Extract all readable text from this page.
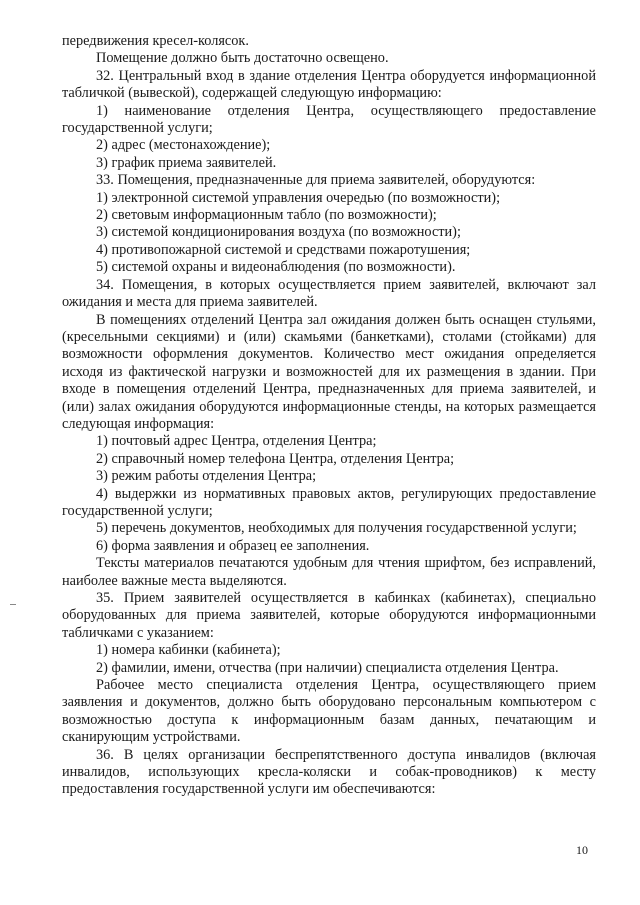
передвижения кресел-колясок.

Помещение должно быть достаточно освещено.

32. Центральный вход в здание отделения Центра оборудуется информационной табличкой (вывеской), содержащей следующую информацию:

1) наименование отделения Центра, осуществляющего предоставление государственной услуги;

2) адрес (местонахождение);

3) график приема заявителей.

33. Помещения, предназначенные для приема заявителей, оборудуются:

1) электронной системой управления очередью (по возможности);

2) световым информационным табло (по возможности);

3) системой кондиционирования воздуха (по возможности);

4) противопожарной системой и средствами пожаротушения;

5) системой охраны и видеонаблюдения (по возможности).

34. Помещения, в которых осуществляется прием заявителей, включают зал ожидания и места для приема заявителей.

В помещениях отделений Центра зал ожидания должен быть оснащен стульями, (кресельными секциями) и (или) скамьями (банкетками), столами (стойками) для возможности оформления документов. Количество мест ожидания определяется исходя из фактической нагрузки и возможностей для их размещения в здании. При входе в помещения отделений Центра, предназначенных для приема заявителей, и (или) залах ожидания оборудуются информационные стенды, на которых размещается следующая информация:

1) почтовый адрес Центра, отделения Центра;

2) справочный номер телефона Центра, отделения Центра;

3) режим работы отделения Центра;

4) выдержки из нормативных правовых актов, регулирующих предоставление государственной услуги;

5) перечень документов, необходимых для получения государственной услуги;

6) форма заявления и образец ее заполнения.

Тексты материалов печатаются удобным для чтения шрифтом, без исправлений, наиболее важные места выделяются.

35. Прием заявителей осуществляется в кабинках (кабинетах), специально оборудованных для приема заявителей, которые оборудуются информационными табличками с указанием:

1) номера кабинки (кабинета);

2) фамилии, имени, отчества (при наличии) специалиста отделения Центра.

Рабочее место специалиста отделения Центра, осуществляющего прием заявления и документов, должно быть оборудовано персональным компьютером с возможностью доступа к информационным базам данных, печатающим и сканирующим устройствами.

36. В целях организации беспрепятственного доступа инвалидов (включая инвалидов, использующих кресла-коляски и собак-проводников) к месту предоставления государственной услуги им обеспечиваются:

10
